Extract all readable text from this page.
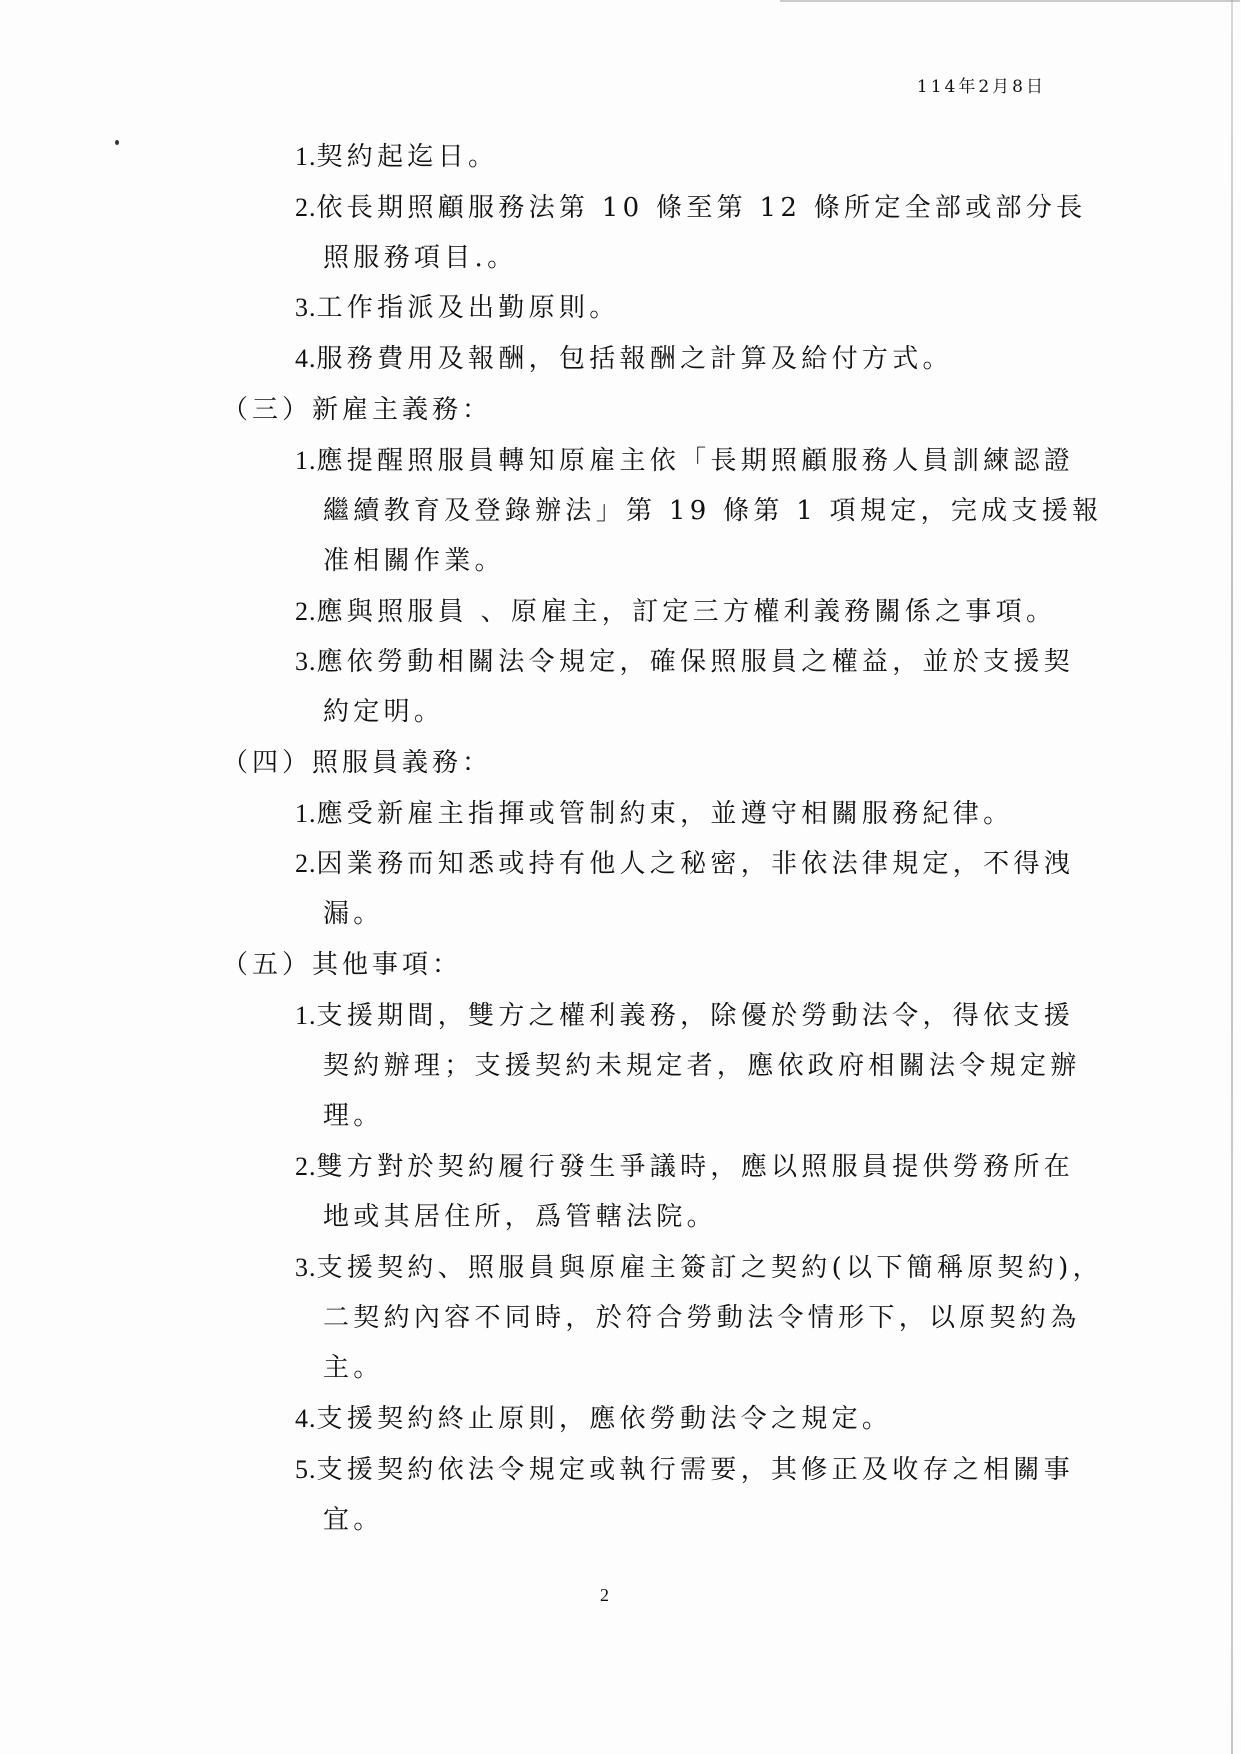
114年2月8日
1.契約起迄日。
2.依長期照顧服務法第 10 條至第 12 條所定全部或部分長
照服務項目.。
3.工作指派及出勤原則。
4.服務費用及報酬，包括報酬之計算及給付方式。
（三）新雇主義務：
1.應提醒照服員轉知原雇主依「長期照顧服務人員訓練認證
繼續教育及登錄辦法」第 19 條第 1 項規定，完成支援報
准相關作業。
2.應與照服員 、原雇主，訂定三方權利義務關係之事項。
3.應依勞動相關法令規定，確保照服員之權益，並於支援契
約定明。
（四）照服員義務：
1.應受新雇主指揮或管制約束，並遵守相關服務紀律。
2.因業務而知悉或持有他人之秘密，非依法律規定，不得洩
漏。
（五）其他事項：
1.支援期間，雙方之權利義務，除優於勞動法令，得依支援
契約辦理；支援契約未規定者，應依政府相關法令規定辦
理。
2.雙方對於契約履行發生爭議時，應以照服員提供勞務所在
地或其居住所，爲管轄法院。
3.支援契約、照服員與原雇主簽訂之契約(以下簡稱原契約)，
二契約內容不同時，於符合勞動法令情形下，以原契約為
主。
4.支援契約終止原則，應依勞動法令之規定。
5.支援契約依法令規定或執行需要，其修正及收存之相關事
宜。
2
